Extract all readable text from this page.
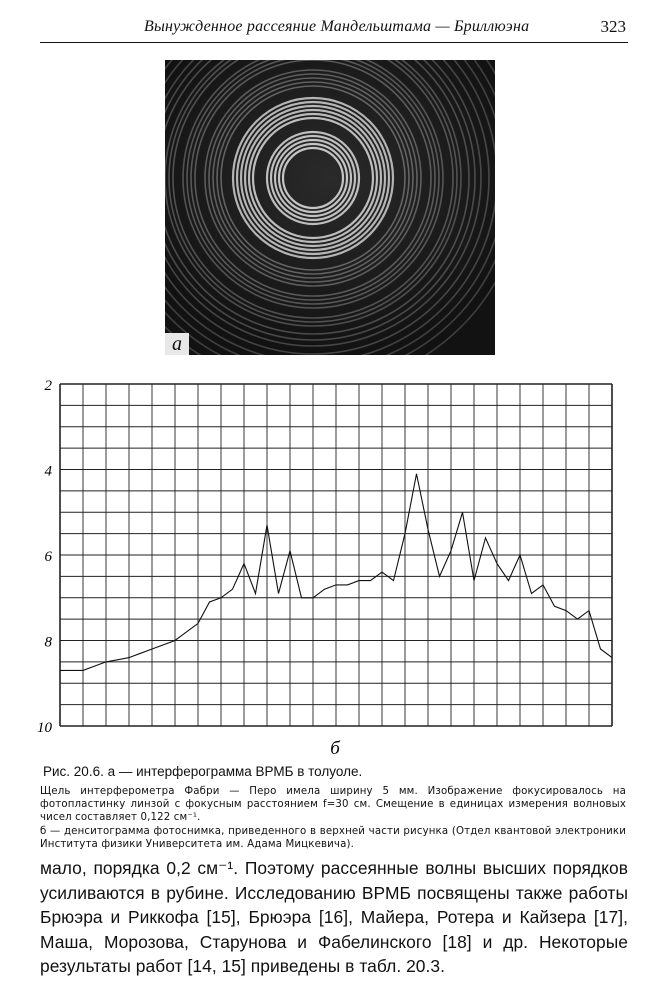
Вынужденное рассеяние Мандельштама — Бриллюэна	323
а
2
4
6
8
10
б
Рис. 20.6. а — интерферограмма ВРМБ в толуоле.

Щель интерферометра Фабри — Перо имела ширину 5 мм. Изображение фокусировалось на фотопластинку линзой с фокусным расстоянием f=30 см. Смещение в единицах измерения волновых чисел составляет 0,122 см⁻¹.

б — денситограмма фотоснимка, приведенного в верхней части рисунка (Отдел квантовой электроники Института физики Университета им. Адама Мицкевича).

мало, порядка 0,2 см⁻¹. Поэтому рассеянные волны высших порядков усиливаются в рубине. Исследованию ВРМБ посвящены также работы Брюэра и Риккофа [15], Брюэра [16], Майера, Ротера и Кайзера [17], Маша, Морозова, Старунова и Фабелинского [18] и др. Некоторые результаты работ [14, 15] приведены в табл. 20.3.
